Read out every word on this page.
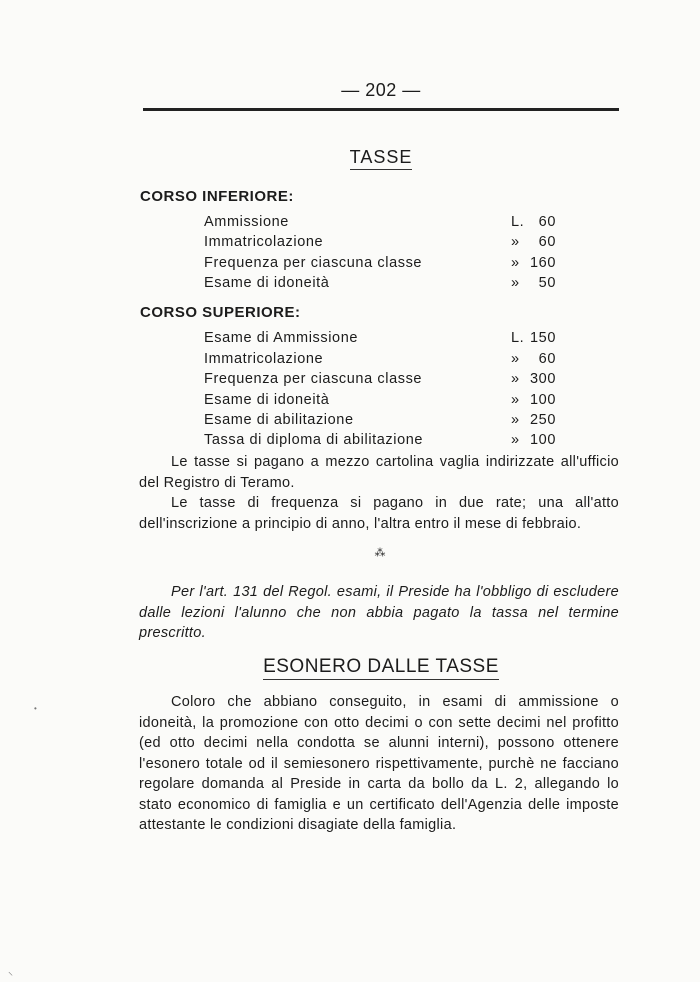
— 202 —
TASSE
CORSO INFERIORE:
Ammissione	L. 60
Immatricolazione	»	60
Frequenza per ciascuna classe	» 160
Esame di idoneità	»	50
CORSO SUPERIORE:
Esame di Ammissione	L. 150
Immatricolazione	»	60
Frequenza per ciascuna classe	» 300
Esame di idoneità	» 100
Esame di abilitazione	» 250
Tassa di diploma di abilitazione	» 100
Le tasse si pagano a mezzo cartolina vaglia indirizzate all'ufficio del Registro di Teramo.
Le tasse di frequenza si pagano in due rate; una all'atto dell'inscrizione a principio di anno, l'altra entro il mese di febbraio.
⁂
Per l'art. 131 del Regol. esami, il Preside ha l'obbligo di escludere dalle lezioni l'alunno che non abbia pagato la tassa nel termine prescritto.
ESONERO DALLE TASSE
Coloro che abbiano conseguito, in esami di ammissione o idoneità, la promozione con otto decimi o con sette decimi nel profitto (ed otto decimi nella condotta se alunni interni), possono ottenere l'esonero totale od il semiesonero rispettivamente, purchè ne facciano regolare domanda al Preside in carta da bollo da L. 2, allegando lo stato economico di famiglia e un certificato dell'Agenzia delle imposte attestante le condizioni disagiate della famiglia.
•
⸌
